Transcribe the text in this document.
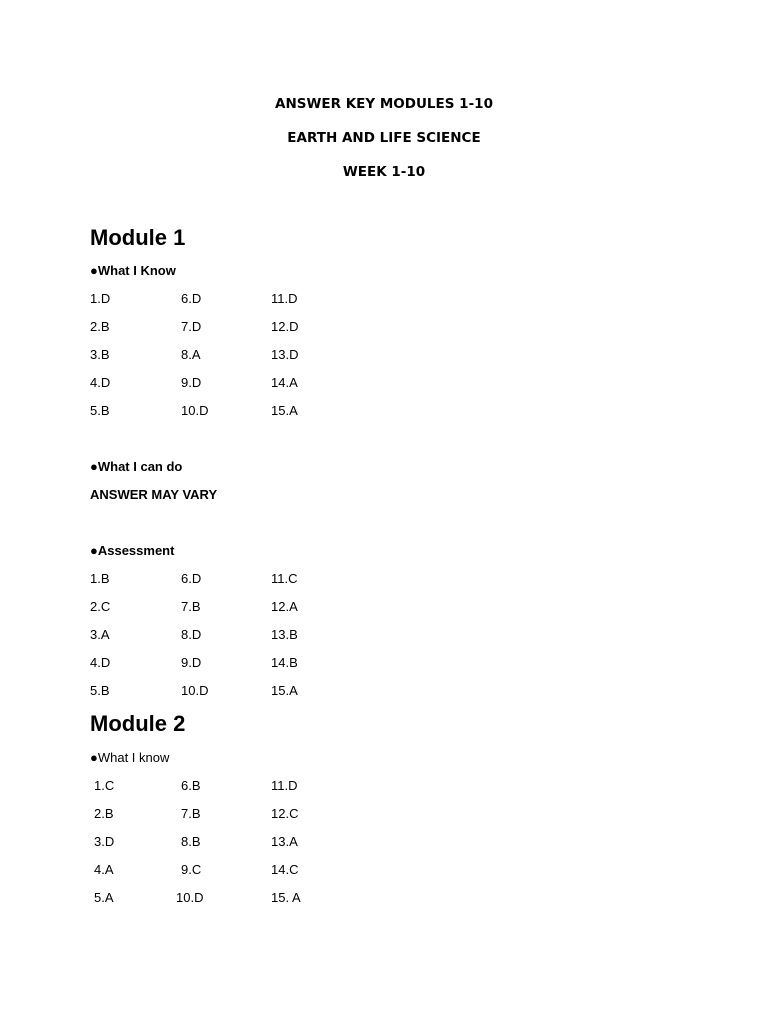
ANSWER KEY MODULES 1-10
EARTH AND LIFE SCIENCE
WEEK 1-10
Module 1
●What I Know
1.D	6.D	11.D
2.B	7.D	12.D
3.B	8.A	13.D
4.D	9.D	14.A
5.B	10.D	15.A
●What I can do
ANSWER MAY VARY
●Assessment
1.B	6.D	11.C
2.C	7.B	12.A
3.A	8.D	13.B
4.D	9.D	14.B
5.B	10.D	15.A
Module 2
●What I know
1.C	6.B	11.D
2.B	7.B	12.C
3.D	8.B	13.A
4.A	9.C	14.C
5.A	10.D	15. A
